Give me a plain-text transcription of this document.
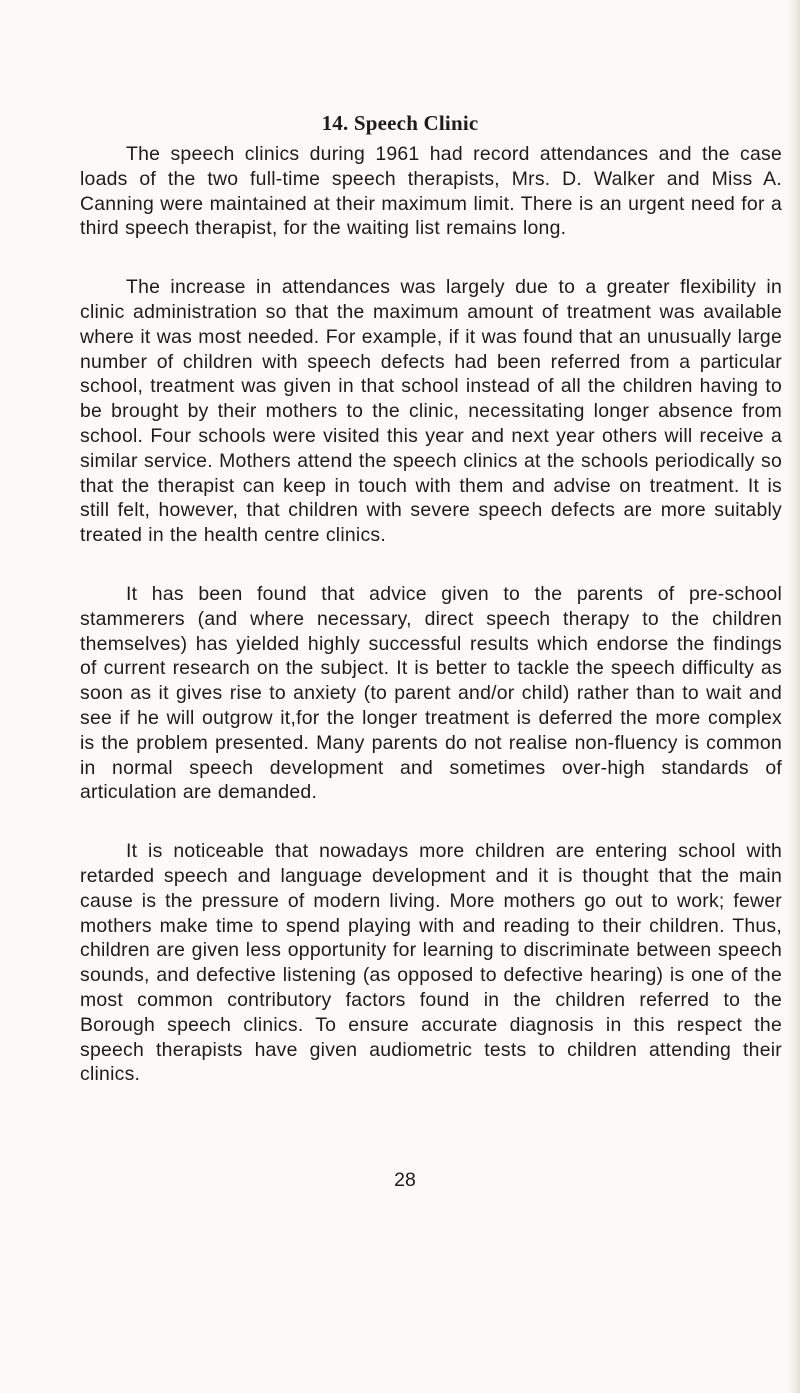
14. Speech Clinic

The speech clinics during 1961 had record attendances and the case loads of the two full-time speech therapists, Mrs. D. Walker and Miss A. Canning were maintained at their maximum limit. There is an urgent need for a third speech therapist, for the waiting list remains long.

The increase in attendances was largely due to a greater flexibility in clinic administration so that the maximum amount of treatment was available where it was most needed. For example, if it was found that an unusually large number of children with speech defects had been referred from a particular school, treatment was given in that school instead of all the children having to be brought by their mothers to the clinic, necessitating longer absence from school. Four schools were visited this year and next year others will receive a similar service. Mothers attend the speech clinics at the schools periodically so that the therapist can keep in touch with them and advise on treatment. It is still felt, however, that children with severe speech defects are more suitably treated in the health centre clinics.

It has been found that advice given to the parents of pre-school stammerers (and where necessary, direct speech therapy to the children themselves) has yielded highly successful results which endorse the findings of current research on the subject. It is better to tackle the speech difficulty as soon as it gives rise to anxiety (to parent and/or child) rather than to wait and see if he will outgrow it,for the longer treatment is deferred the more complex is the problem presented. Many parents do not realise non-fluency is common in normal speech development and sometimes over-high standards of articulation are demanded.

It is noticeable that nowadays more children are entering school with retarded speech and language development and it is thought that the main cause is the pressure of modern living. More mothers go out to work; fewer mothers make time to spend playing with and reading to their children. Thus, children are given less opportunity for learning to discriminate between speech sounds, and defective listening (as opposed to defective hearing) is one of the most common contributory factors found in the children referred to the Borough speech clinics. To ensure accurate diagnosis in this respect the speech therapists have given audiometric tests to children attending their clinics.

28
